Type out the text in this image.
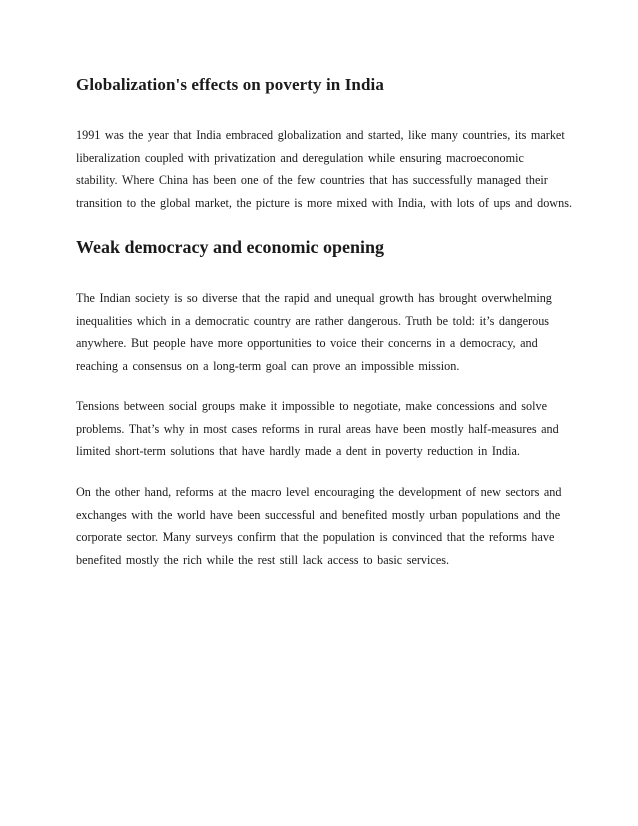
Globalization's effects on poverty in India

1991 was the year that India embraced globalization and started, like many countries, its market
liberalization coupled with privatization and deregulation while ensuring macroeconomic
stability. Where China has been one of the few countries that has successfully managed their
transition to the global market, the picture is more mixed with India, with lots of ups and downs.

Weak democracy and economic opening

The Indian society is so diverse that the rapid and unequal growth has brought overwhelming
inequalities which in a democratic country are rather dangerous. Truth be told: it’s dangerous
anywhere. But people have more opportunities to voice their concerns in a democracy, and
reaching a consensus on a long-term goal can prove an impossible mission.

Tensions between social groups make it impossible to negotiate, make concessions and solve
problems. That’s why in most cases reforms in rural areas have been mostly half-measures and
limited short-term solutions that have hardly made a dent in poverty reduction in India.

On the other hand, reforms at the macro level encouraging the development of new sectors and
exchanges with the world have been successful and benefited mostly urban populations and the
corporate sector. Many surveys confirm that the population is convinced that the reforms have
benefited mostly the rich while the rest still lack access to basic services.
